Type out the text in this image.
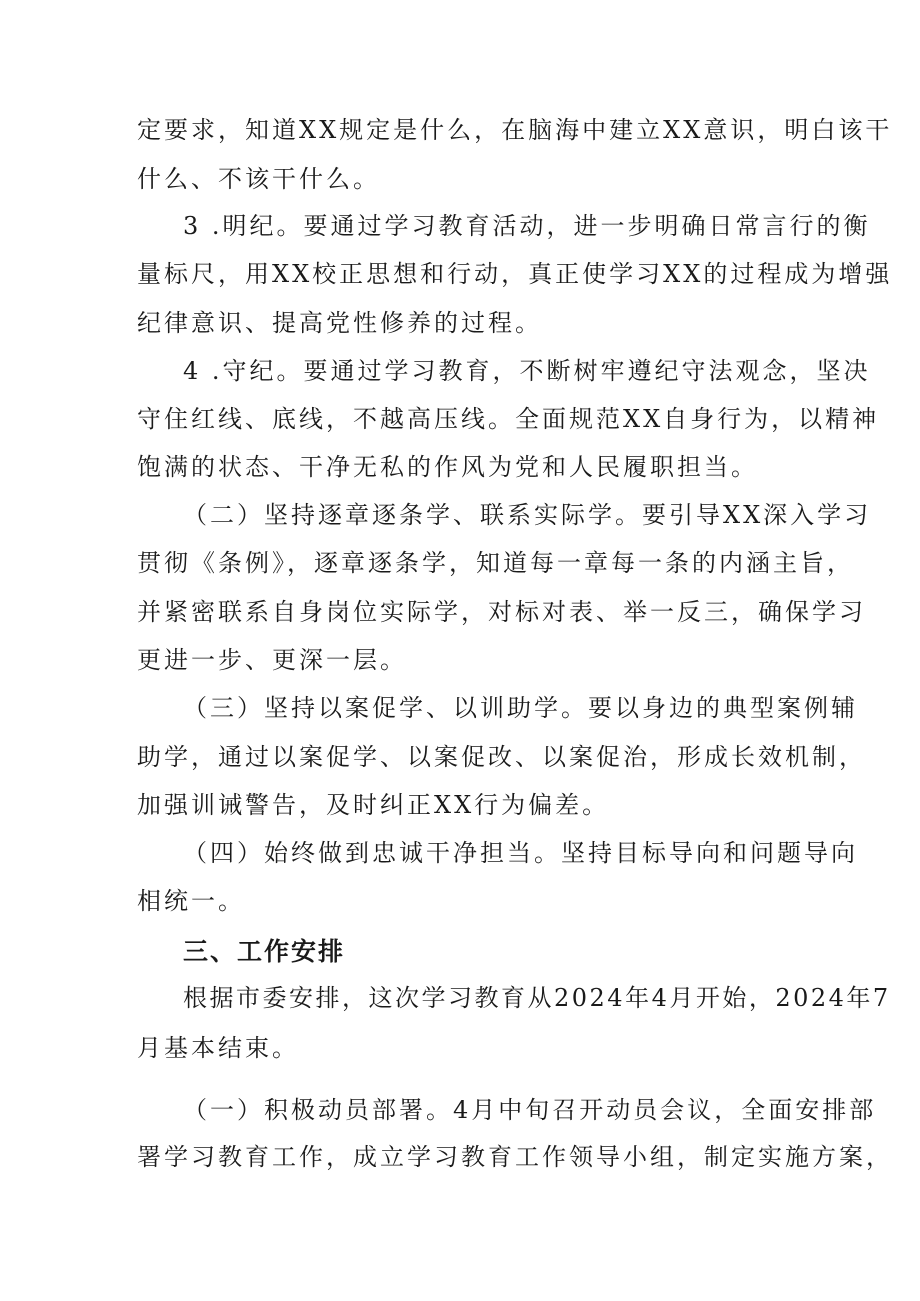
定要求，知道XX规定是什么，在脑海中建立XX意识，明白该干
什么、不该干什么。
3 .明纪。要通过学习教育活动，进一步明确日常言行的衡
量标尺，用XX校正思想和行动，真正使学习XX的过程成为增强
纪律意识、提高党性修养的过程。
4 .守纪。要通过学习教育，不断树牢遵纪守法观念，坚决
守住红线、底线，不越高压线。全面规范XX自身行为，以精神
饱满的状态、干净无私的作风为党和人民履职担当。
（二）坚持逐章逐条学、联系实际学。要引导XX深入学习
贯彻《条例》，逐章逐条学，知道每一章每一条的内涵主旨，
并紧密联系自身岗位实际学，对标对表、举一反三，确保学习
更进一步、更深一层。
（三）坚持以案促学、以训助学。要以身边的典型案例辅
助学，通过以案促学、以案促改、以案促治，形成长效机制，
加强训诫警告，及时纠正XX行为偏差。
（四）始终做到忠诚干净担当。坚持目标导向和问题导向
相统一。
三、工作安排
根据市委安排，这次学习教育从2024年4月开始，2024年7
月基本结束。
（一）积极动员部署。4月中旬召开动员会议，全面安排部
署学习教育工作，成立学习教育工作领导小组，制定实施方案，
